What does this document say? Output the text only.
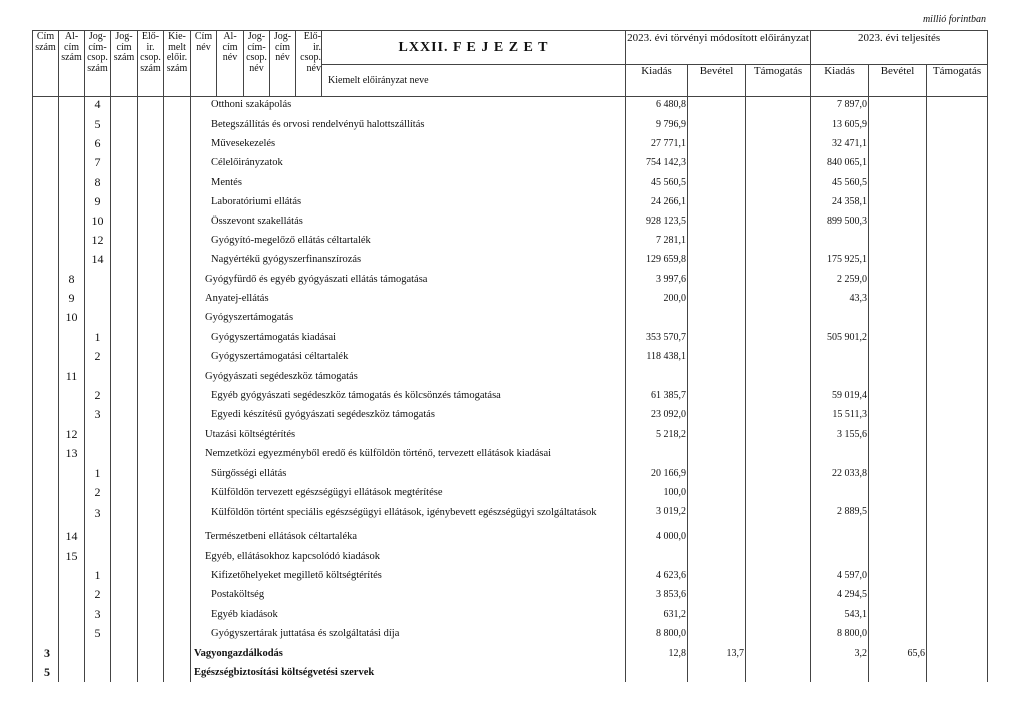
millió forintban
Cím szám	Al-cím szám	Jog-cím-csop. szám	Jog-cím szám	Elő-ir. csop. szám	Kie-melt előir. szám	Cím név	Al-cím név	Jog-cím-csop. név	Jog-cím név	Elő-ir. csop. név	LXXII. F E J E Z E T	2023. évi törvényi módosított előirányzat			2023. évi teljesítés		
											Kiemelt előirányzat neve	Kiadás	Bevétel	Támogatás	Kiadás	Bevétel	Támogatás
		4				Otthoni szakápolás	6 480,8			7 897,0		
		5				Betegszállítás és orvosi rendelvényű halottszállítás	9 796,9			13 605,9		
		6				Művesekezelés	27 771,1			32 471,1		
		7				Célelőirányzatok	754 142,3			840 065,1		
		8				Mentés	45 560,5			45 560,5		
		9				Laboratóriumi ellátás	24 266,1			24 358,1		
		10				Összevont szakellátás	928 123,5			899 500,3		
		12				Gyógyító-megelőző ellátás céltartalék	7 281,1					
		14				Nagyértékű gyógyszerfinanszírozás	129 659,8			175 925,1		
	8					Gyógyfürdő és egyéb gyógyászati ellátás támogatása	3 997,6			2 259,0		
	9					Anyatej-ellátás	200,0			43,3		
	10					Gyógyszertámogatás						
		1				Gyógyszertámogatás kiadásai	353 570,7			505 901,2		
		2				Gyógyszertámogatási céltartalék	118 438,1					
	11					Gyógyászati segédeszköz támogatás						
		2				Egyéb gyógyászati segédeszköz támogatás és kölcsönzés támogatása	61 385,7			59 019,4		
		3				Egyedi készítésű gyógyászati segédeszköz támogatás	23 092,0			15 511,3		
	12					Utazási költségtérítés	5 218,2			3 155,6		
	13					Nemzetközi egyezményből eredő és külföldön történő, tervezett ellátások kiadásai						
		1				Sürgősségi ellátás	20 166,9			22 033,8		
		2				Külföldön tervezett egészségügyi ellátások megtérítése	100,0					
		3				Külföldön történt speciális egészségügyi ellátások, igénybevett egészségügyi szolgáltatások	3 019,2			2 889,5		
	14					Természetbeni ellátások céltartaléka	4 000,0					
	15					Egyéb, ellátásokhoz kapcsolódó kiadások						
		1				Kifizetőhelyeket megillető költségtérítés	4 623,6			4 597,0		
		2				Postaköltség	3 853,6			4 294,5		
		3				Egyéb kiadások	631,2			543,1		
		5				Gyógyszertárak juttatása és szolgáltatási díja	8 800,0			8 800,0		
3						Vagyongazdálkodás	12,8	13,7		3,2	65,6	
5						Egészségbiztosítási költségvetési szervek						
